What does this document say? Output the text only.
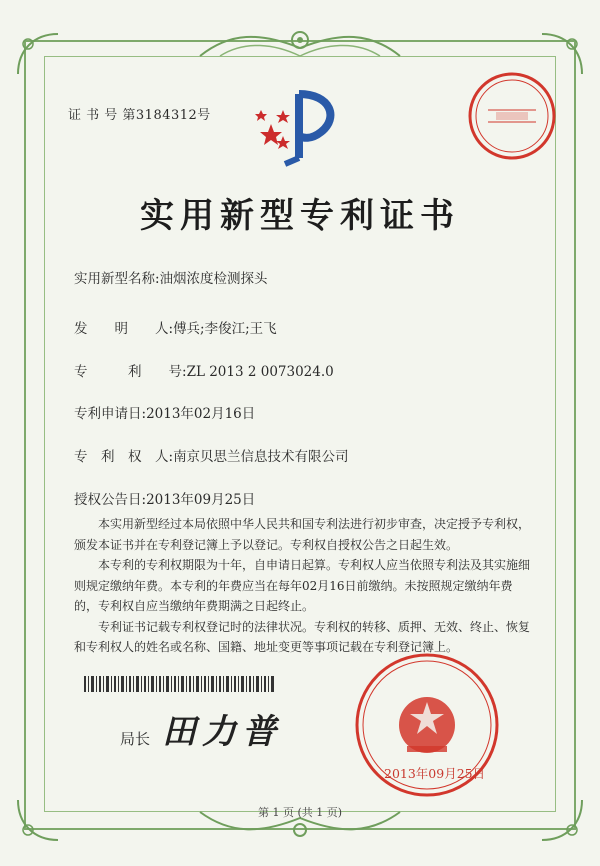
证 书 号 第3184312号
实用新型专利证书
实用新型名称:油烟浓度检测探头
发　　明　　人:傅兵;李俊江;王飞
专　　　利　　号:ZL 2013 2 0073024.0
专利申请日:2013年02月16日
专　利　权　人:南京贝思兰信息技术有限公司
授权公告日:2013年09月25日

本实用新型经过本局依照中华人民共和国专利法进行初步审查，决定授予专利权，颁发本证书并在专利登记簿上予以登记。专利权自授权公告之日起生效。

本专利的专利权期限为十年，自申请日起算。专利权人应当依照专利法及其实施细则规定缴纳年费。本专利的年费应当在每年02月16日前缴纳。未按照规定缴纳年费的，专利权自应当缴纳年费期满之日起终止。

专利证书记载专利权登记时的法律状况。专利权的转移、质押、无效、终止、恢复和专利权人的姓名或名称、国籍、地址变更等事项记载在专利登记簿上。

局长 田力普
2013年09月25日
第 1 页 (共 1 页)
